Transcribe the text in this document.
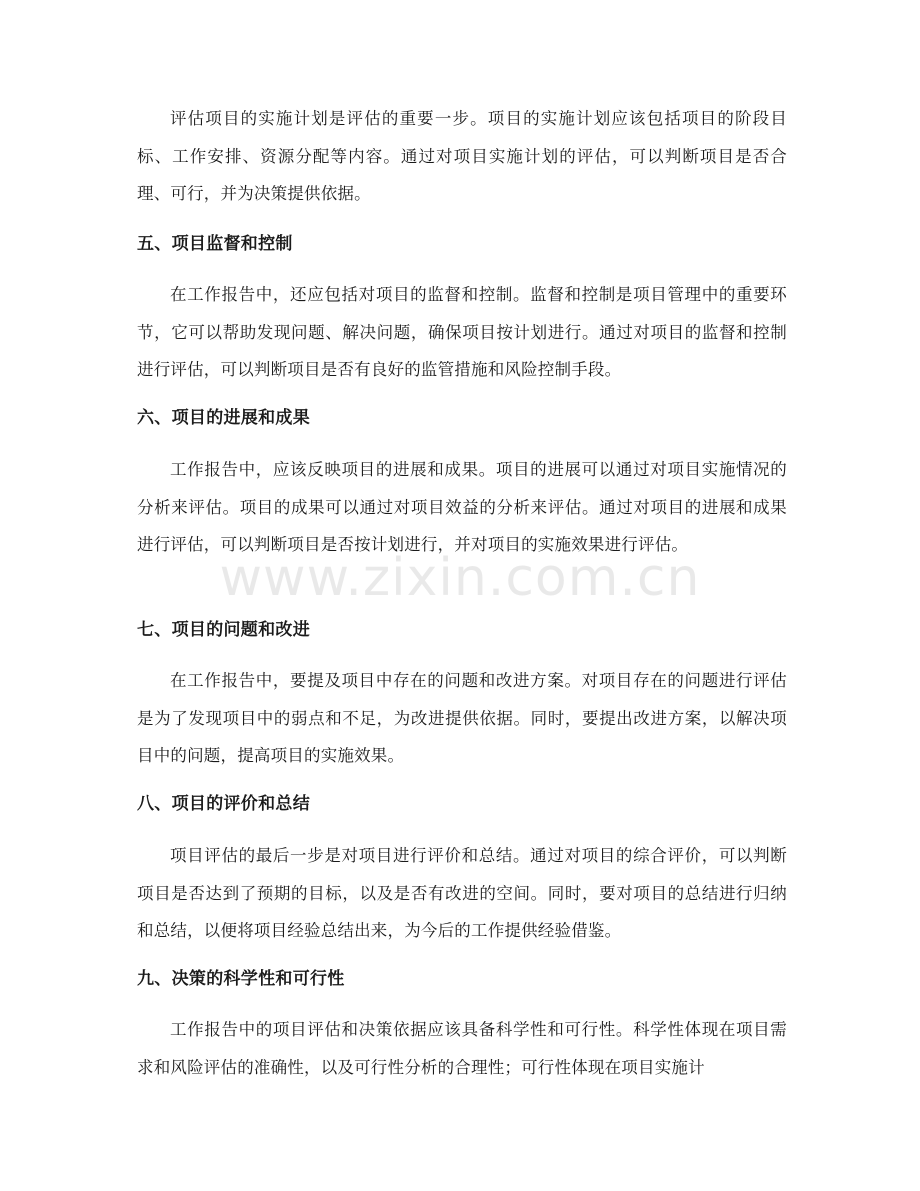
www.zixin.com.cn

评估项目的实施计划是评估的重要一步。项目的实施计划应该包括项目的阶段目标、工作安排、资源分配等内容。通过对项目实施计划的评估，可以判断项目是否合理、可行，并为决策提供依据。

五、项目监督和控制

在工作报告中，还应包括对项目的监督和控制。监督和控制是项目管理中的重要环节，它可以帮助发现问题、解决问题，确保项目按计划进行。通过对项目的监督和控制进行评估，可以判断项目是否有良好的监管措施和风险控制手段。

六、项目的进展和成果

工作报告中，应该反映项目的进展和成果。项目的进展可以通过对项目实施情况的分析来评估。项目的成果可以通过对项目效益的分析来评估。通过对项目的进展和成果进行评估，可以判断项目是否按计划进行，并对项目的实施效果进行评估。

七、项目的问题和改进

在工作报告中，要提及项目中存在的问题和改进方案。对项目存在的问题进行评估是为了发现项目中的弱点和不足，为改进提供依据。同时，要提出改进方案，以解决项目中的问题，提高项目的实施效果。

八、项目的评价和总结

项目评估的最后一步是对项目进行评价和总结。通过对项目的综合评价，可以判断项目是否达到了预期的目标，以及是否有改进的空间。同时，要对项目的总结进行归纳和总结，以便将项目经验总结出来，为今后的工作提供经验借鉴。

九、决策的科学性和可行性

工作报告中的项目评估和决策依据应该具备科学性和可行性。科学性体现在项目需求和风险评估的准确性，以及可行性分析的合理性；可行性体现在项目实施计
